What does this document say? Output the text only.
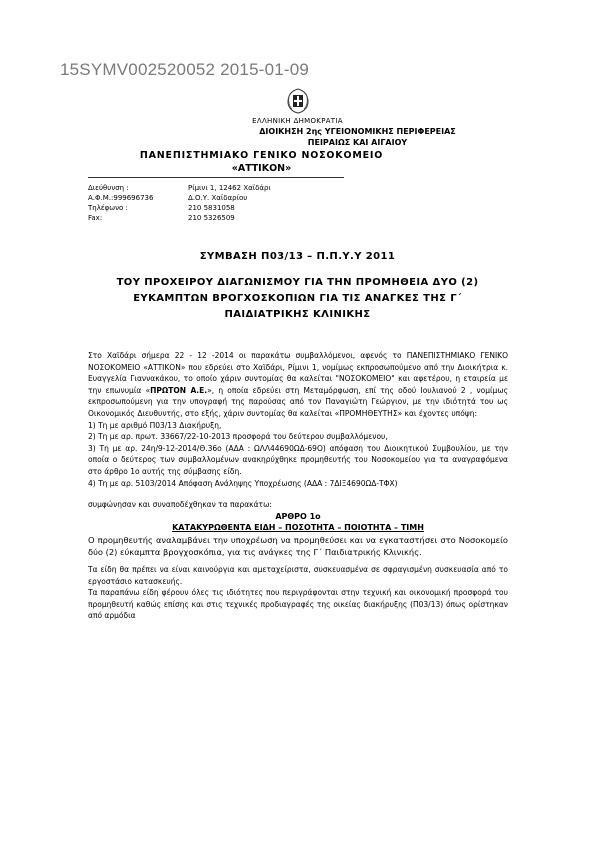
15SYMV002520052 2015-01-09
ΕΛΛΗΝΙΚΗ ΔΗΜΟΚΡΑΤΙΑ
ΔΙΟΙΚΗΣΗ 2ης ΥΓΕΙΟΝΟΜΙΚΗΣ ΠΕΡΙΦΕΡΕΙΑΣ
ΠΕΙΡΑΙΩΣ ΚΑΙ ΑΙΓΑΙΟΥ
ΠΑΝΕΠΙΣΤΗΜΙΑΚΟ ΓΕΝΙΚΟ ΝΟΣΟΚΟΜΕΙΟ
«ΑΤΤΙΚΟΝ»
Διεύθυνση :	Ρίμινι 1, 12462 Χαϊδάρι
Α.Φ.Μ.:999696736	Δ.Ο.Υ. Χαϊδαρίου
Τηλέφωνο :	210 5831058
Fax:	210 5326509
ΣΥΜΒΑΣΗ Π03/13 – Π.Π.Υ.Υ 2011
ΤΟΥ ΠΡΟΧΕΙΡΟΥ ΔΙΑΓΩΝΙΣΜΟΥ ΓΙΑ ΤΗΝ ΠΡΟΜΗΘΕΙΑ ΔΥΟ (2)
ΕΥΚΑΜΠΤΩΝ ΒΡΟΓΧΟΣΚΟΠΙΩΝ ΓΙΑ ΤΙΣ ΑΝΑΓΚΕΣ ΤΗΣ Γ΄
ΠΑΙΔΙΑΤΡΙΚΗΣ ΚΛΙΝΙΚΗΣ

Στο Χαϊδάρι σήμερα 22 - 12 -2014 οι παρακάτω συμβαλλόμενοι, αφενός το ΠΑΝΕΠΙΣΤΗΜΙΑΚΟ ΓΕΝΙΚΟ ΝΟΣΟΚΟΜΕΙΟ «ΑΤΤΙΚΟΝ» που εδρεύει στο Χαϊδάρι, Ρίμινι 1, νομίμως εκπροσωπούμενο από την Διοικήτρια κ. Ευαγγελία Γιαννακάκου, το οποίο χάριν συντομίας θα καλείται "ΝΟΣΟΚΟΜΕΙΟ" και αφετέρου, η εταιρεία με την επωνυμία «ΠΡΩΤΟΝ Α.Ε.», η οποία εδρεύει στη Μεταμόρφωση, επί της οδού Ιουλιανού 2 , νομίμως εκπροσωπούμενη για την υπογραφή της παρούσας από τον Παναγιώτη Γεώργιον, με την ιδιότητά του ως Οικονομικός Διευθυντής, στο εξής, χάριν συντομίας θα καλείται «ΠΡΟΜΗΘΕΥΤΗΣ» και έχοντες υπόψη:

1) Τη με αριθμό Π03/13 Διακήρυξη,

2) Τη με αρ. πρωτ. 33667/22-10-2013 προσφορά του δεύτερου συμβαλλόμενου,

3) Τη με αρ. 24η/9-12-2014/Θ.36ο (ΑΔΑ : ΩΛΛ44690ΩΔ-69Ο) απόφαση του Διοικητικού Συμβουλίου, με την οποία ο δεύτερος των συμβαλλομένων ανακηρύχθηκε προμηθευτής του Νοσοκομείου για τα αναγραφόμενα στο άρθρο 1ο αυτής της σύμβασης είδη.

4) Τη με αρ. 5103/2014 Απόφαση Ανάληψης Υποχρέωσης (ΑΔΑ : 7ΔΙΞ4690ΩΔ-ΤΦΧ)

συμφώνησαν και συναποδέχθηκαν τα παρακάτω:

ΑΡΘΡΟ 1ο

ΚΑΤΑΚΥΡΩΘΕΝΤΑ ΕΙΔΗ – ΠΟΣΟΤΗΤΑ – ΠΟΙΟΤΗΤΑ – ΤΙΜΗ

Ο προμηθευτής αναλαμβάνει την υποχρέωση να προμηθεύσει και να εγκαταστήσει στο Νοσοκομείο δύο (2) εύκαμπτα βρογχοσκόπια, για τις ανάγκες της Γ΄ Παιδιατρικής Κλινικής.

Τα είδη θα πρέπει να είναι καινούργια και αμεταχείριστα, συσκευασμένα σε σφραγισμένη συσκευασία από το εργοστάσιο κατασκευής.

Τα παραπάνω είδη φέρουν όλες τις ιδιότητες που περιγράφονται στην τεχνική και οικονομική προσφορά του προμηθευτή καθώς επίσης και στις τεχνικές προδιαγραφές της οικείας διακήρυξης (Π03/13) όπως ορίστηκαν από αρμόδια
